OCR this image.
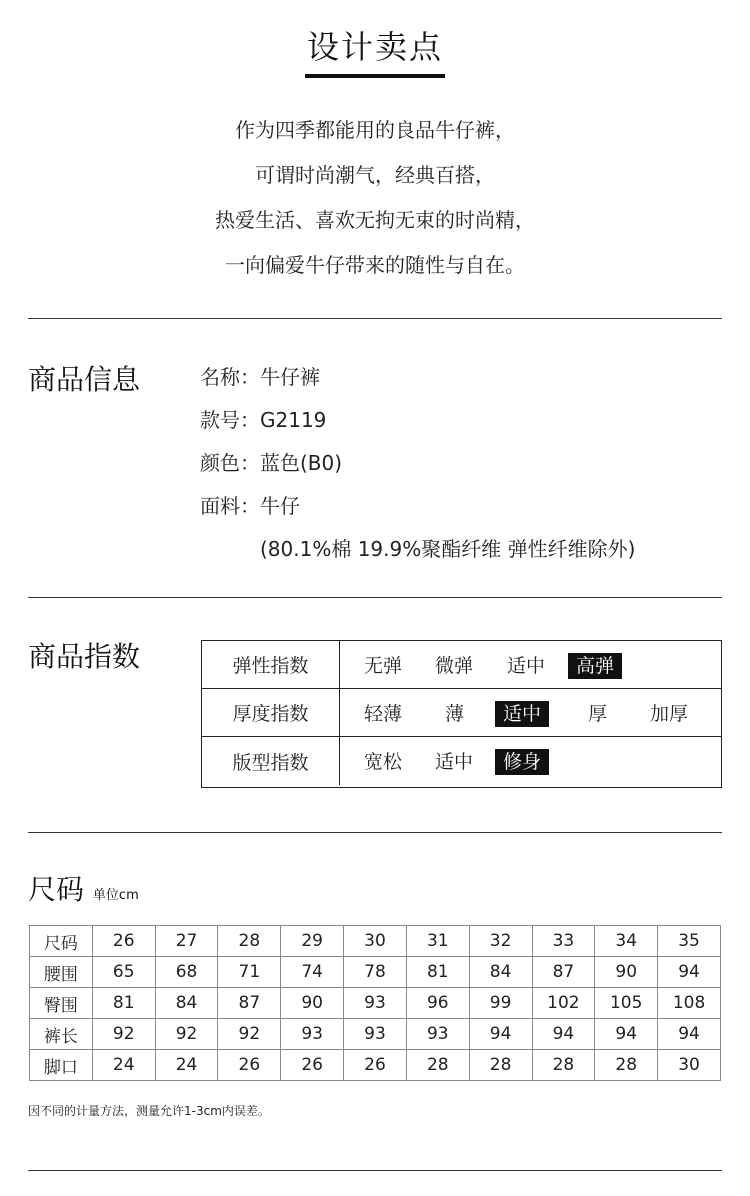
设计卖点
作为四季都能用的良品牛仔裤，
可谓时尚潮气，经典百搭，
热爱生活、喜欢无拘无束的时尚精，
一向偏爱牛仔带来的随性与自在。
商品信息	名称：牛仔裤
款号：G2119
颜色：蓝色(B0)
面料：牛仔
(80.1%棉 19.9%聚酯纤维 弹性纤维除外)
商品指数	弹性指数	无弹	微弹	适中	高弹
厚度指数	轻薄	薄	适中	厚	加厚
版型指数	宽松	适中	修身
尺码 单位cm
尺码	26	27	28	29	30	31	32	33	34	35
腰围	65	68	71	74	78	81	84	87	90	94
臀围	81	84	87	90	93	96	99	102	105	108
裤长	92	92	92	93	93	93	94	94	94	94
脚口	24	24	26	26	26	28	28	28	28	30
因不同的计量方法，测量允许1-3cm内误差。
